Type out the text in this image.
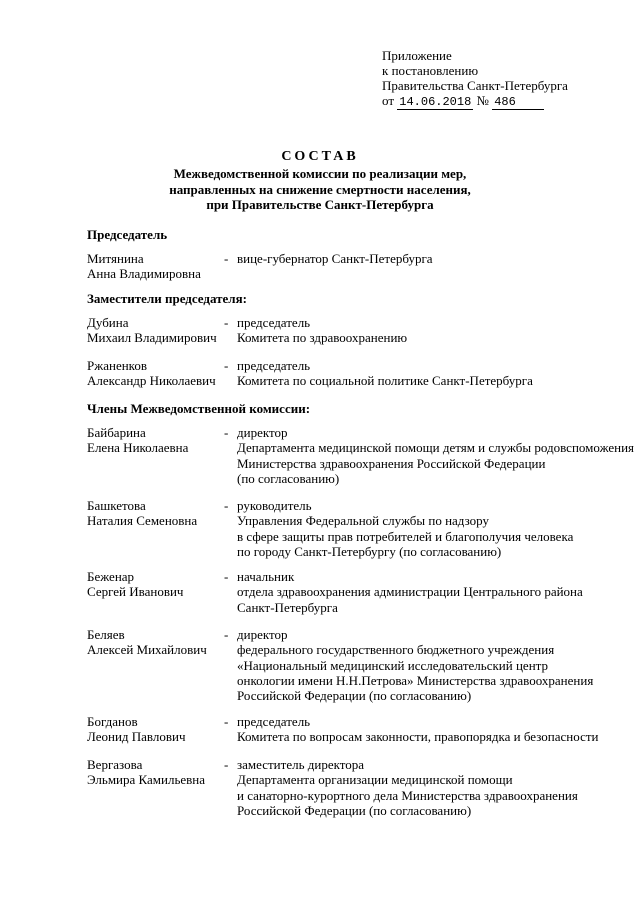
Приложение
к постановлению
Правительства Санкт-Петербурга
от 14.06.2018 № 486
СОСТАВ
Межведомственной комиссии по реализации мер,
направленных на снижение смертности населения,
при Правительстве Санкт-Петербурга
Председатель
Митянина
Анна Владимировна
- вице-губернатор Санкт-Петербурга
Заместители председателя:
Дубина
Михаил Владимирович
- председатель
Комитета по здравоохранению
Ржаненков
Александр Николаевич
- председатель
Комитета по социальной политике Санкт-Петербурга
Члены Межведомственной комиссии:
Байбарина
Елена Николаевна
- директор
Департамента медицинской помощи детям и службы родовспоможения
Министерства здравоохранения Российской Федерации
(по согласованию)
Башкетова
Наталия Семеновна
- руководитель
Управления Федеральной службы по надзору
в сфере защиты прав потребителей и благополучия человека
по городу Санкт-Петербургу (по согласованию)
Беженар
Сергей Иванович
- начальник
отдела здравоохранения администрации Центрального района
Санкт-Петербурга
Беляев
Алексей Михайлович
- директор
федерального государственного бюджетного учреждения
«Национальный медицинский исследовательский центр
онкологии имени Н.Н.Петрова» Министерства здравоохранения
Российской Федерации (по согласованию)
Богданов
Леонид Павлович
- председатель
Комитета по вопросам законности, правопорядка и безопасности
Вергазова
Эльмира Камильевна
- заместитель директора
Департамента организации медицинской помощи
и санаторно-курортного дела Министерства здравоохранения
Российской Федерации (по согласованию)
